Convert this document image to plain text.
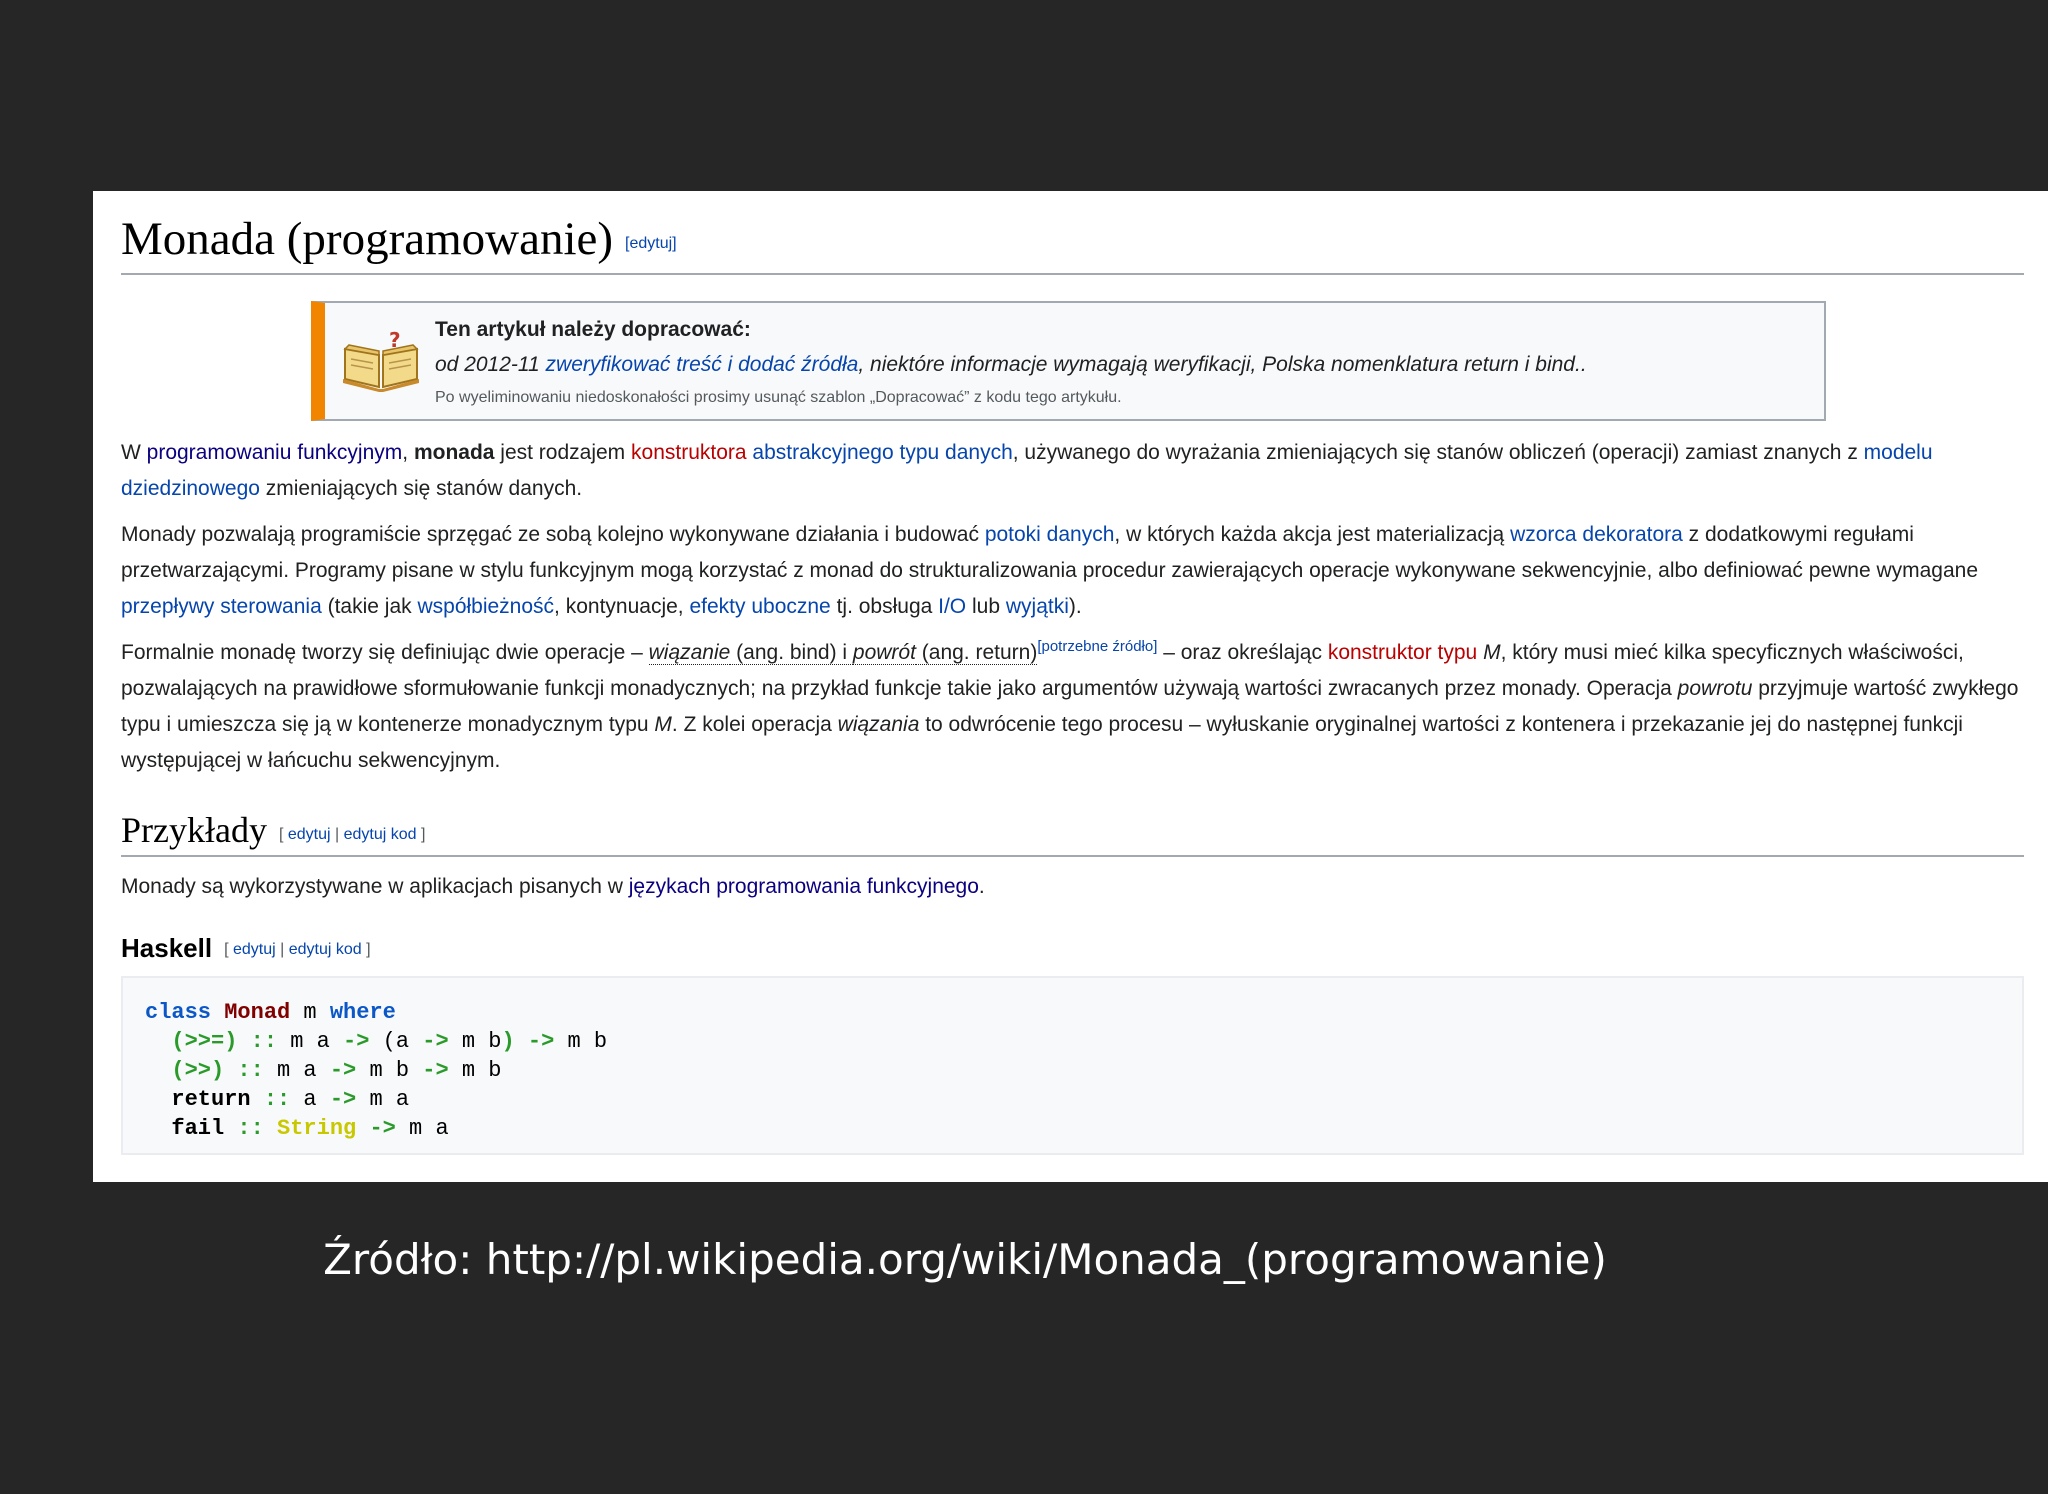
Monada (programowanie) [edytuj]
? Ten artykuł należy dopracować:
od 2012-11 zweryfikować treść i dodać źródła, niektóre informacje wymagają weryfikacji, Polska nomenklatura return i bind..
Po wyeliminowaniu niedoskonałości prosimy usunąć szablon „Dopracować” z kodu tego artykułu.

W programowaniu funkcyjnym, monada jest rodzajem konstruktora abstrakcyjnego typu danych, używanego do wyrażania zmieniających się stanów obliczeń (operacji) zamiast znanych z modelu dziedzinowego zmieniających się stanów danych.

Monady pozwalają programiście sprzęgać ze sobą kolejno wykonywane działania i budować potoki danych, w których każda akcja jest materializacją wzorca dekoratora z dodatkowymi regułami przetwarzającymi. Programy pisane w stylu funkcyjnym mogą korzystać z monad do strukturalizowania procedur zawierających operacje wykonywane sekwencyjnie, albo definiować pewne wymagane przepływy sterowania (takie jak współbieżność, kontynuacje, efekty uboczne tj. obsługa I/O lub wyjątki).

Formalnie monadę tworzy się definiując dwie operacje – wiązanie (ang. bind) i powrót (ang. return)[potrzebne źródło] – oraz określając konstruktor typu M, który musi mieć kilka specyficznych właściwości, pozwalających na prawidłowe sformułowanie funkcji monadycznych; na przykład funkcje takie jako argumentów używają wartości zwracanych przez monady. Operacja powrotu przyjmuje wartość zwykłego typu i umieszcza się ją w kontenerze monadycznym typu M. Z kolei operacja wiązania to odwrócenie tego procesu – wyłuskanie oryginalnej wartości z kontenera i przekazanie jej do następnej funkcji występującej w łańcuchu sekwencyjnym.

Przykłady [ edytuj | edytuj kod ]

Monady są wykorzystywane w aplikacjach pisanych w językach programowania funkcyjnego.

Haskell [ edytuj | edytuj kod ]
class Monad m where
(>>=) :: m a -> (a -> m b) -> m b
(>>) :: m a -> m b -> m b
return :: a -> m a
fail :: String -> m a
Źródło: http://pl.wikipedia.org/wiki/Monada_(programowanie)
